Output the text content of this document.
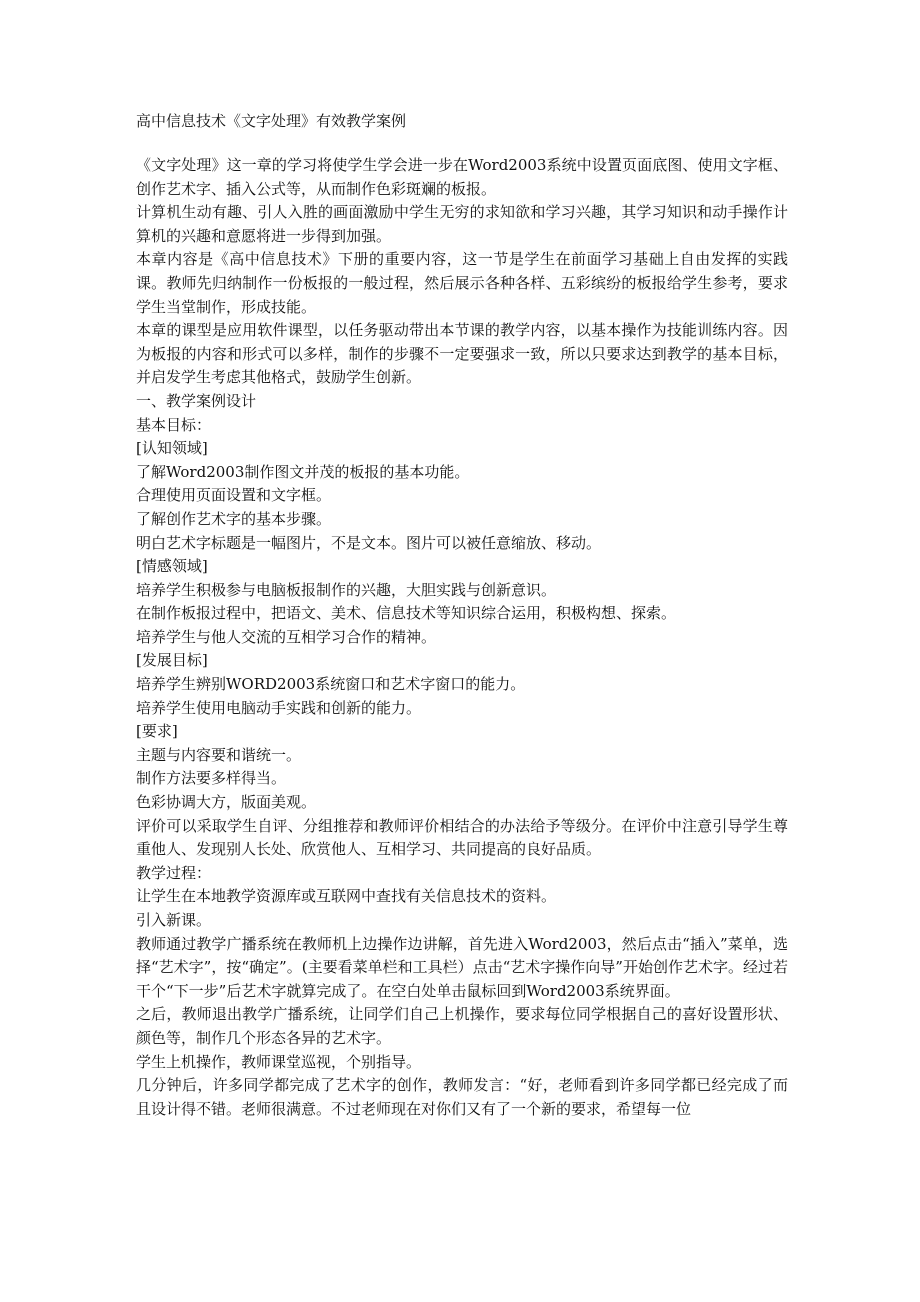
高中信息技术《文字处理》有效教学案例

《文字处理》这一章的学习将使学生学会进一步在Word2003系统中设置页面底图、使用文字框、创作艺术字、插入公式等，从而制作色彩斑斓的板报。

计算机生动有趣、引人入胜的画面激励中学生无穷的求知欲和学习兴趣，其学习知识和动手操作计算机的兴趣和意愿将进一步得到加强。

本章内容是《高中信息技术》下册的重要内容，这一节是学生在前面学习基础上自由发挥的实践课。教师先归纳制作一份板报的一般过程，然后展示各种各样、五彩缤纷的板报给学生参考，要求学生当堂制作，形成技能。

本章的课型是应用软件课型，以任务驱动带出本节课的教学内容，以基本操作为技能训练内容。因为板报的内容和形式可以多样，制作的步骤不一定要强求一致，所以只要求达到教学的基本目标，并启发学生考虑其他格式，鼓励学生创新。

一、教学案例设计

基本目标：

[认知领域]

了解Word2003制作图文并茂的板报的基本功能。

合理使用页面设置和文字框。

了解创作艺术字的基本步骤。

明白艺术字标题是一幅图片，不是文本。图片可以被任意缩放、移动。

[情感领域]

培养学生积极参与电脑板报制作的兴趣，大胆实践与创新意识。

在制作板报过程中，把语文、美术、信息技术等知识综合运用，积极构想、探索。

培养学生与他人交流的互相学习合作的精神。

[发展目标]

培养学生辨别WORD2003系统窗口和艺术字窗口的能力。

培养学生使用电脑动手实践和创新的能力。

[要求]

主题与内容要和谐统一。

制作方法要多样得当。

色彩协调大方，版面美观。

评价可以采取学生自评、分组推荐和教师评价相结合的办法给予等级分。在评价中注意引导学生尊重他人、发现别人长处、欣赏他人、互相学习、共同提高的良好品质。

教学过程：

让学生在本地教学资源库或互联网中查找有关信息技术的资料。

引入新课。

教师通过教学广播系统在教师机上边操作边讲解，首先进入Word2003，然后点击“插入”菜单，选择“艺术字”，按“确定”。(主要看菜单栏和工具栏）点击“艺术字操作向导”开始创作艺术字。经过若干个“下一步”后艺术字就算完成了。在空白处单击鼠标回到Word2003系统界面。

之后，教师退出教学广播系统，让同学们自己上机操作，要求每位同学根据自己的喜好设置形状、颜色等，制作几个形态各异的艺术字。

学生上机操作，教师课堂巡视，个别指导。

几分钟后，许多同学都完成了艺术字的创作，教师发言：“好，老师看到许多同学都已经完成了而且设计得不错。老师很满意。不过老师现在对你们又有了一个新的要求，希望每一位
